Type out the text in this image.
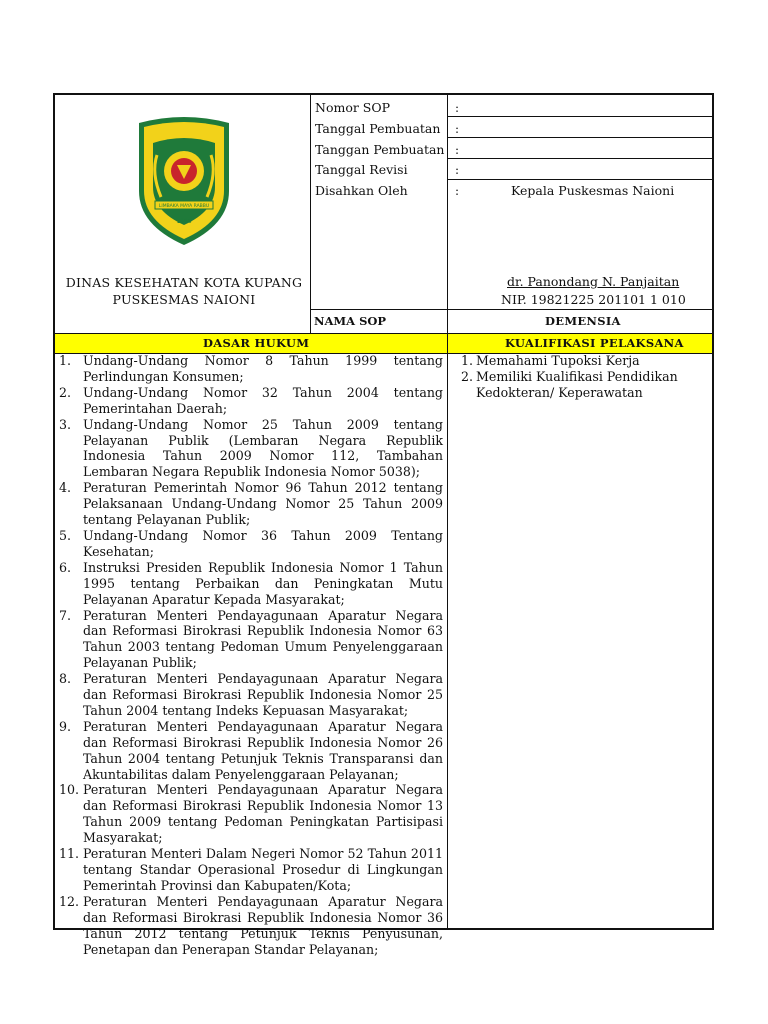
LIMBAKA MAYA RABBU
1996
DINAS KESEHATAN KOTA KUPANG
PUSKESMAS NAIONI
Nomor SOP	:
Tanggal Pembuatan :
Tanggan Pembuatan :
Tanggal Revisi	:
Disahkan Oleh	:	Kepala Puskesmas Naioni
dr. Panondang N. Panjaitan
NIP. 19821225 201101 1 010
NAMA SOP	DEMENSIA
DASAR HUKUM	KUALIFIKASI PELAKSANA
1. Undang-Undang Nomor 8 Tahun 1999 tentang Perlindungan Konsumen;
2. Undang-Undang Nomor 32 Tahun 2004 tentang Pemerintahan Daerah;
3. Undang-Undang Nomor 25 Tahun 2009 tentang Pelayanan Publik (Lembaran Negara Republik Indonesia Tahun 2009 Nomor 112, Tambahan Lembaran Negara Republik Indonesia Nomor 5038);
4. Peraturan Pemerintah Nomor 96 Tahun 2012 tentang Pelaksanaan Undang-Undang Nomor 25 Tahun 2009 tentang Pelayanan Publik;
5. Undang-Undang Nomor 36 Tahun 2009 Tentang Kesehatan;
6. Instruksi Presiden Republik Indonesia Nomor 1 Tahun 1995 tentang Perbaikan dan Peningkatan Mutu Pelayanan Aparatur Kepada Masyarakat;
7. Peraturan Menteri Pendayagunaan Aparatur Negara dan Reformasi Birokrasi Republik Indonesia Nomor 63 Tahun 2003 tentang Pedoman Umum Penyelenggaraan Pelayanan Publik;
8. Peraturan Menteri Pendayagunaan Aparatur Negara dan Reformasi Birokrasi Republik Indonesia Nomor 25 Tahun 2004 tentang Indeks Kepuasan Masyarakat;
9. Peraturan Menteri Pendayagunaan Aparatur Negara dan Reformasi Birokrasi Republik Indonesia Nomor 26 Tahun 2004 tentang Petunjuk Teknis Transparansi dan Akuntabilitas dalam Penyelenggaraan Pelayanan;
10. Peraturan Menteri Pendayagunaan Aparatur Negara dan Reformasi Birokrasi Republik Indonesia Nomor 13 Tahun 2009 tentang Pedoman Peningkatan Partisipasi Masyarakat;
11. Peraturan Menteri Dalam Negeri Nomor 52 Tahun 2011 tentang Standar Operasional Prosedur di Lingkungan Pemerintah Provinsi dan Kabupaten/Kota;
12. Peraturan Menteri Pendayagunaan Aparatur Negara dan Reformasi Birokrasi Republik Indonesia Nomor 36 Tahun 2012 tentang Petunjuk Teknis Penyusunan, Penetapan dan Penerapan Standar Pelayanan;
1. Memahami Tupoksi Kerja
2. Memiliki Kualifikasi Pendidikan Kedokteran/ Keperawatan
